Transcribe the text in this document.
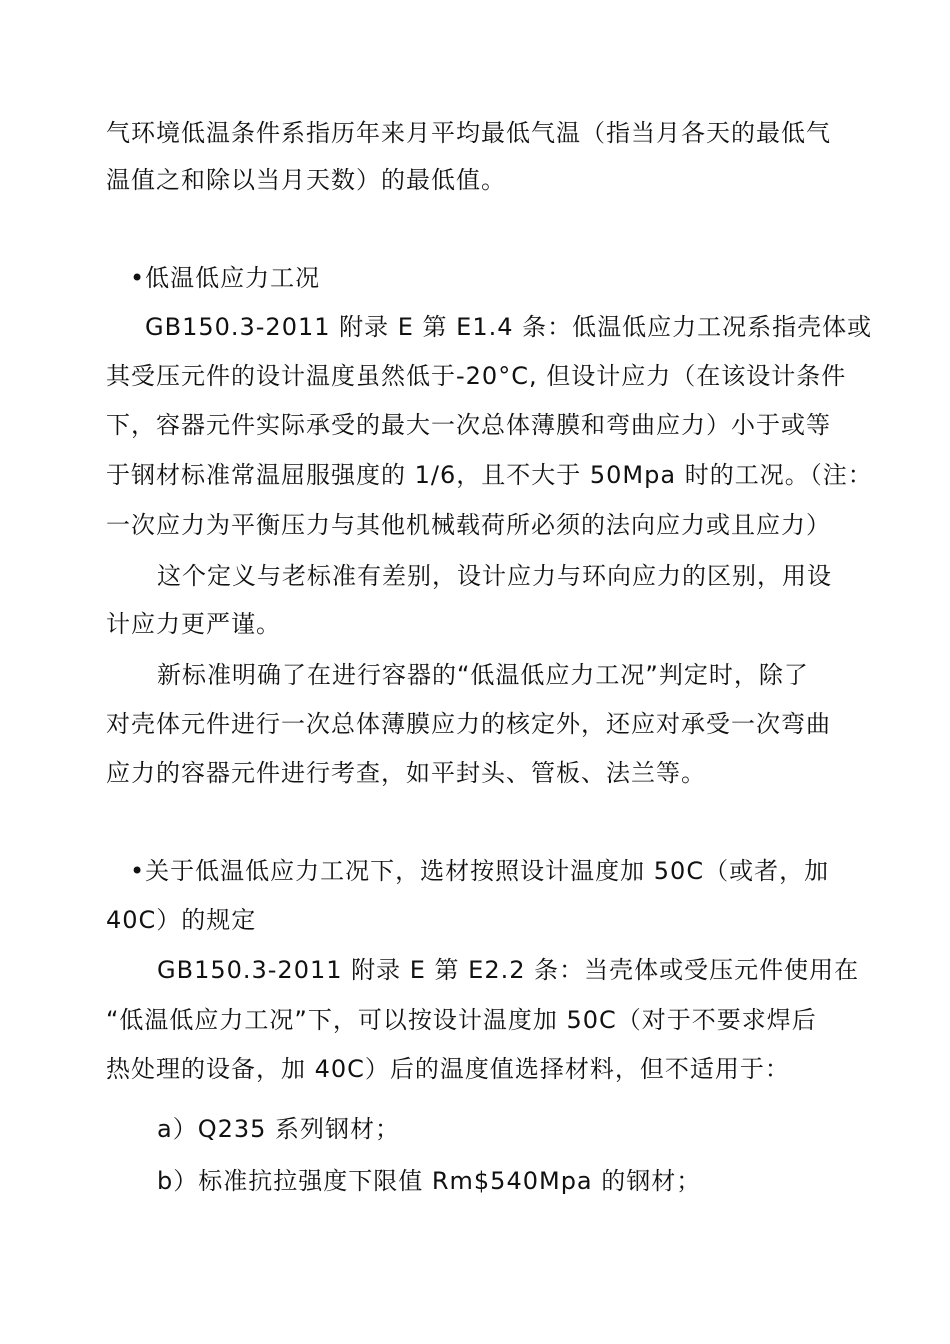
气环境低温条件系指历年来月平均最低气温（指当月各天的最低气
温值之和除以当月天数）的最低值。
•低温低应力工况
GB150.3-2011 附录 E 第 E1.4 条：低温低应力工况系指壳体或
其受压元件的设计温度虽然低于-20°C, 但设计应力（在该设计条件
下，容器元件实际承受的最大一次总体薄膜和弯曲应力）小于或等
于钢材标准常温屈服强度的 1/6，且不大于 50Mpa 时的工况。（注：
一次应力为平衡压力与其他机械载荷所必须的法向应力或且应力）
这个定义与老标准有差别，设计应力与环向应力的区别，用设
计应力更严谨。
新标准明确了在进行容器的“低温低应力工况”判定时，除了
对壳体元件进行一次总体薄膜应力的核定外，还应对承受一次弯曲
应力的容器元件进行考查，如平封头、管板、法兰等。
•关于低温低应力工况下，选材按照设计温度加 50C（或者，加
40C）的规定
GB150.3-2011 附录 E 第 E2.2 条：当壳体或受压元件使用在
“低温低应力工况”下，可以按设计温度加 50C（对于不要求焊后
热处理的设备，加 40C）后的温度值选择材料，但不适用于：
a）Q235 系列钢材；
b）标准抗拉强度下限值 Rm$540Mpa 的钢材；
